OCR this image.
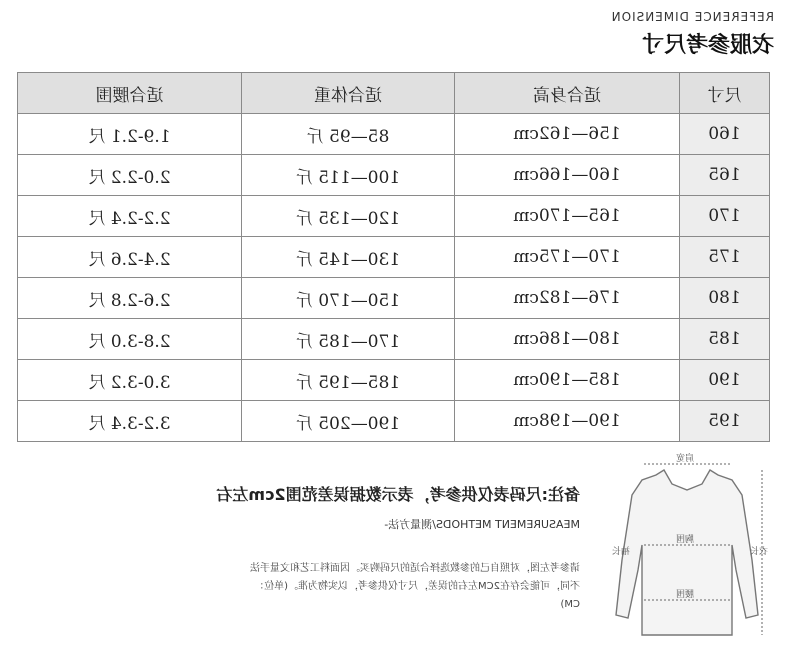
REFERENCE DIMENSION
衣服参考尺寸
尺寸	适合身高	适合体重	适合腰围
160	156—162cm	85—95 斤	1.9-2.1 尺
165	160—166cm	100—115 斤	2.0-2.2 尺
170	165—170cm	120—135 斤	2.2-2.4 尺
175	170—175cm	130—145 斤	2.4-2.6 尺
180	176—182cm	150—170 斤	2.6-2.8 尺
185	180—186cm	170—185 斤	2.8-3.0 尺
190	185—190cm	185—195 斤	3.0-3.2 尺
195	190—198cm	190—205 斤	3.2-3.4 尺
备注:尺码表仅供参考，表示数据误差范围2cm左右
MEASUREMENT METHODS/测量方法-
请参考左图，对照自己的参数选择合适的尺码购买。因面料工艺和文量手法
不同，可能会存在2CM左右的误差，尺寸仅供参考，以实物为准。(单位：CM)
肩宽
胸围
腰围
衣长
袖长
